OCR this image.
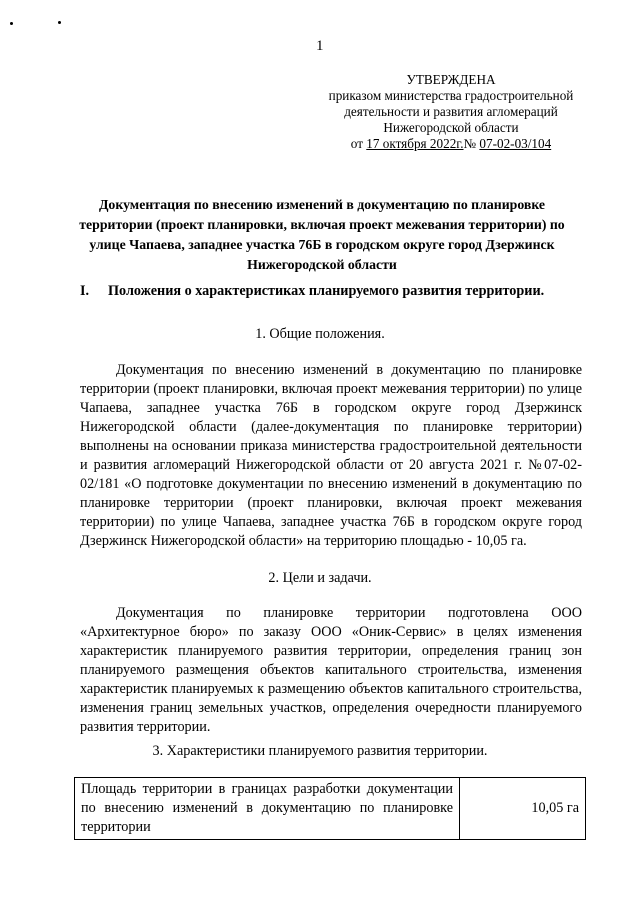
1
УТВЕРЖДЕНА
приказом министерства градостроительной
деятельности и развития агломераций
Нижегородской области
от 17 октября 2022г.№ 07-02-03/104
Документация по внесению изменений в документацию по планировке территории (проект планировки, включая проект межевания территории) по улице Чапаева, западнее участка 76Б в городском округе город Дзержинск Нижегородской области
I. Положения о характеристиках планируемого развития территории.
1. Общие положения.
Документация по внесению изменений в документацию по планировке территории (проект планировки, включая проект межевания территории) по улице Чапаева, западнее участка 76Б в городском округе город Дзержинск Нижегородской области (далее-документация по планировке территории) выполнены на основании приказа министерства градостроительной деятельности и развития агломераций Нижегородской области от 20 августа 2021 г. №07-02-02/181 «О подготовке документации по внесению изменений в документацию по планировке территории (проект планировки, включая проект межевания территории) по улице Чапаева, западнее участка 76Б в городском округе город Дзержинск Нижегородской области» на территорию площадью - 10,05 га.
2. Цели и задачи.
Документация по планировке территории подготовлена ООО «Архитектурное бюро» по заказу ООО «Оник-Сервис» в целях изменения характеристик планируемого развития территории, определения границ зон планируемого размещения объектов капитального строительства, изменения характеристик планируемых к размещению объектов капитального строительства, изменения границ земельных участков, определения очередности планируемого развития территории.
3. Характеристики планируемого развития территории.
Площадь территории в границах разработки документации по внесению изменений в документацию по планировке территории	10,05 га
